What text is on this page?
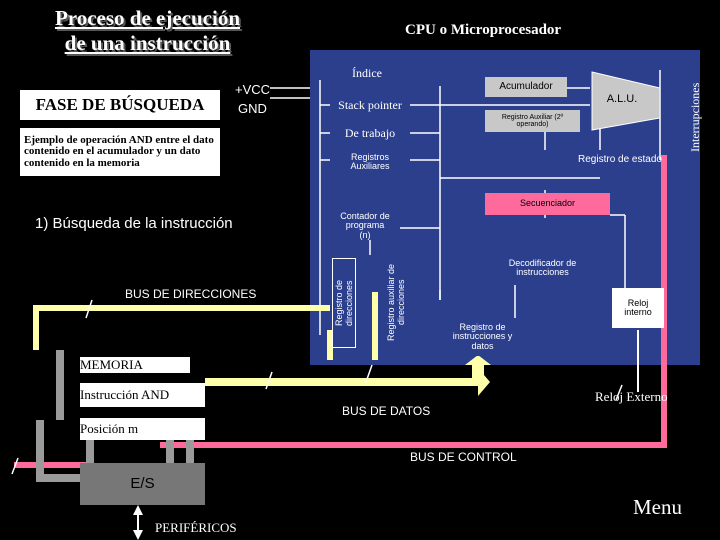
Proceso de ejecución
de una instrucción
CPU o Microprocesador
FASE DE BÚSQUEDA
+VCC
GND
Ejemplo de operación AND entre el dato contenido en el acumulador y un dato contenido en la memoria
1) Búsqueda de la instrucción
Índice
Acumulador
A.L.U.
Stack pointer
Registro Auxiliar (2º operando)
De trabajo
Registros Auxiliares
Registro de estado
Interrupciones
Secuenciador
Contador de programa (n)
Decodificador de instrucciones
Reloj interno
Registro de direcciones	Registro auxiliar de direcciones
Registro de instrucciones y datos
BUS DE DIRECCIONES
MEMORIA
Instrucción AND
Posición m
BUS DE DATOS
Reloj Externo
BUS DE CONTROL
E/S
PERIFÉRICOS
Menu
